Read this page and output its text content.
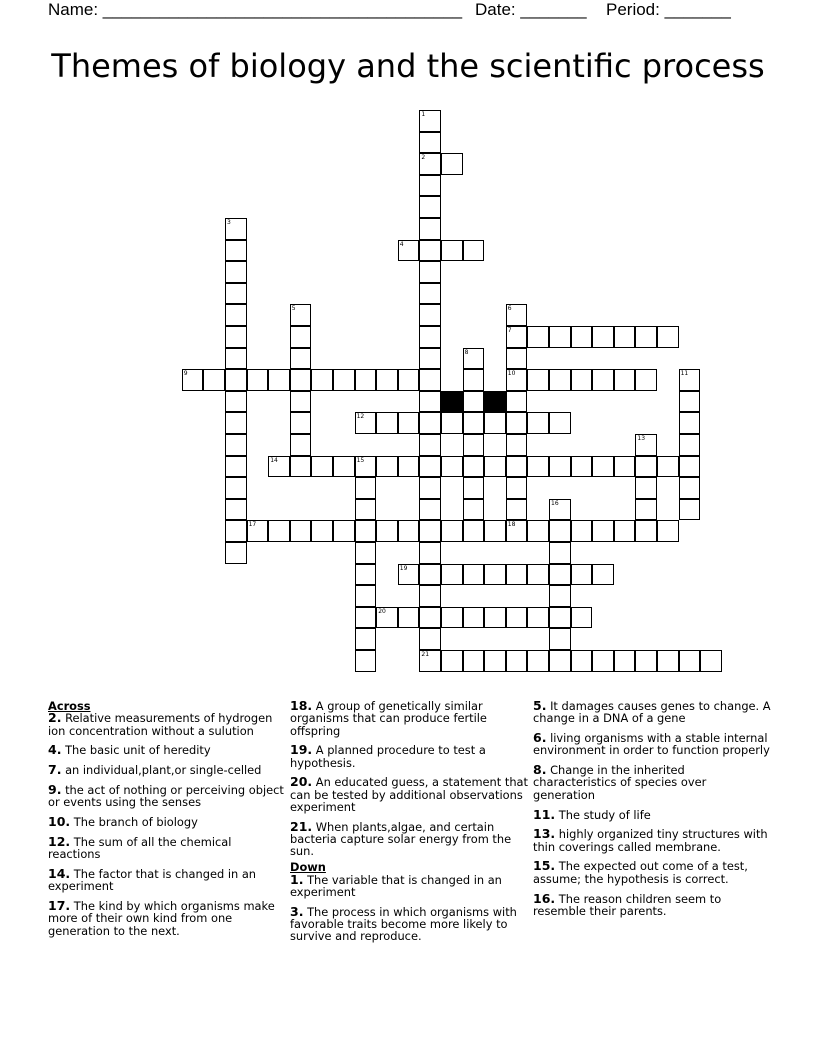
Name: ______________________________________ Date: _______ Period: _______
Themes of biology and the scientific process
1
2
21
3
4
5	6
7
10
8
9	11
12
13
14	15
16
17	18
19
20
Across
2. Relative measurements of hydrogen ion concentration without a sulution
4. The basic unit of heredity
7. an individual,plant,or single-celled
9. the act of nothing or perceiving object or events using the senses
10. The branch of biology
12. The sum of all the chemical reactions
14. The factor that is changed in an experiment
17. The kind by which organisms make more of their own kind from one generation to the next.
18. A group of genetically similar organisms that can produce fertile offspring
19. A planned procedure to test a hypothesis.
20. An educated guess, a statement that can be tested by additional observations experiment
21. When plants,algae, and certain bacteria capture solar energy from the sun.
Down
1. The variable that is changed in an experiment
3. The process in which organisms with favorable traits become more likely to survive and reproduce.
5. It damages causes genes to change. A change in a DNA of a gene
6. living organisms with a stable internal environment in order to function properly
8. Change in the inherited characteristics of species over generation
11. The study of life
13. highly organized tiny structures with thin coverings called membrane.
15. The expected out come of a test, assume; the hypothesis is correct.
16. The reason children seem to resemble their parents.
